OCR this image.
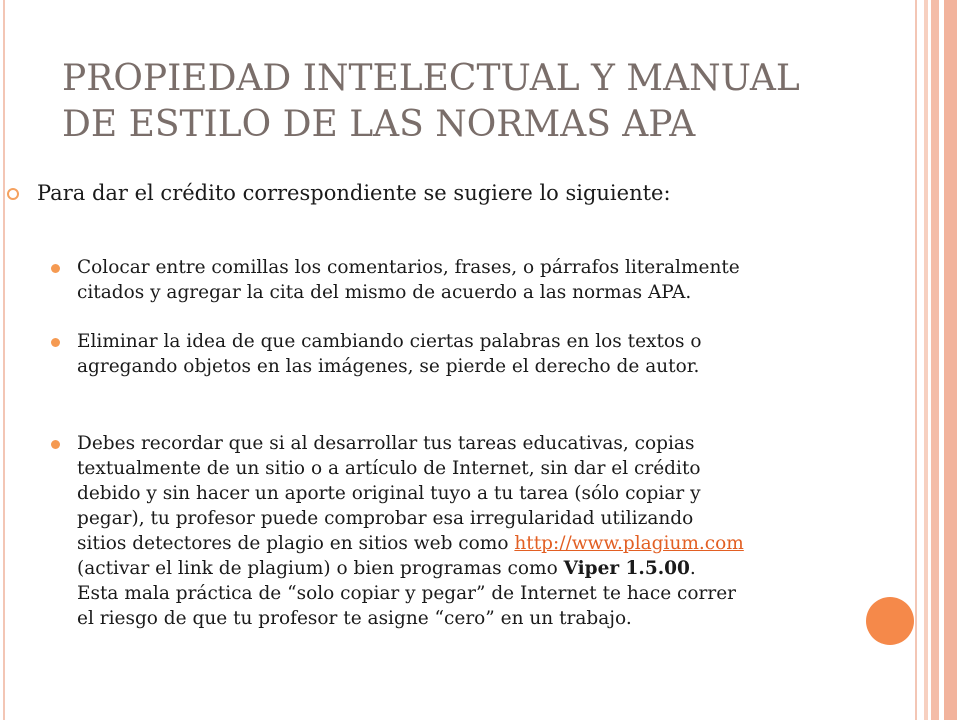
PROPIEDAD INTELECTUAL Y MANUAL
DE ESTILO DE LAS NORMAS APA
Para dar el crédito correspondiente se sugiere lo siguiente:
Colocar entre comillas los comentarios, frases, o párrafos literalmente
citados y agregar la cita del mismo de acuerdo a las normas APA.
Eliminar la idea de que cambiando ciertas palabras en los textos o
agregando objetos en las imágenes, se pierde el derecho de autor.
Debes recordar que si al desarrollar tus tareas educativas, copias
textualmente de un sitio o a artículo de Internet, sin dar el crédito
debido y sin hacer un aporte original tuyo a tu tarea (sólo copiar y
pegar), tu profesor puede comprobar esa irregularidad utilizando
sitios detectores de plagio en sitios web como http://www.plagium.com
(activar el link de plagium) o bien programas como Viper 1.5.00.
Esta mala práctica de “solo copiar y pegar” de Internet te hace correr
el riesgo de que tu profesor te asigne “cero” en un trabajo.
